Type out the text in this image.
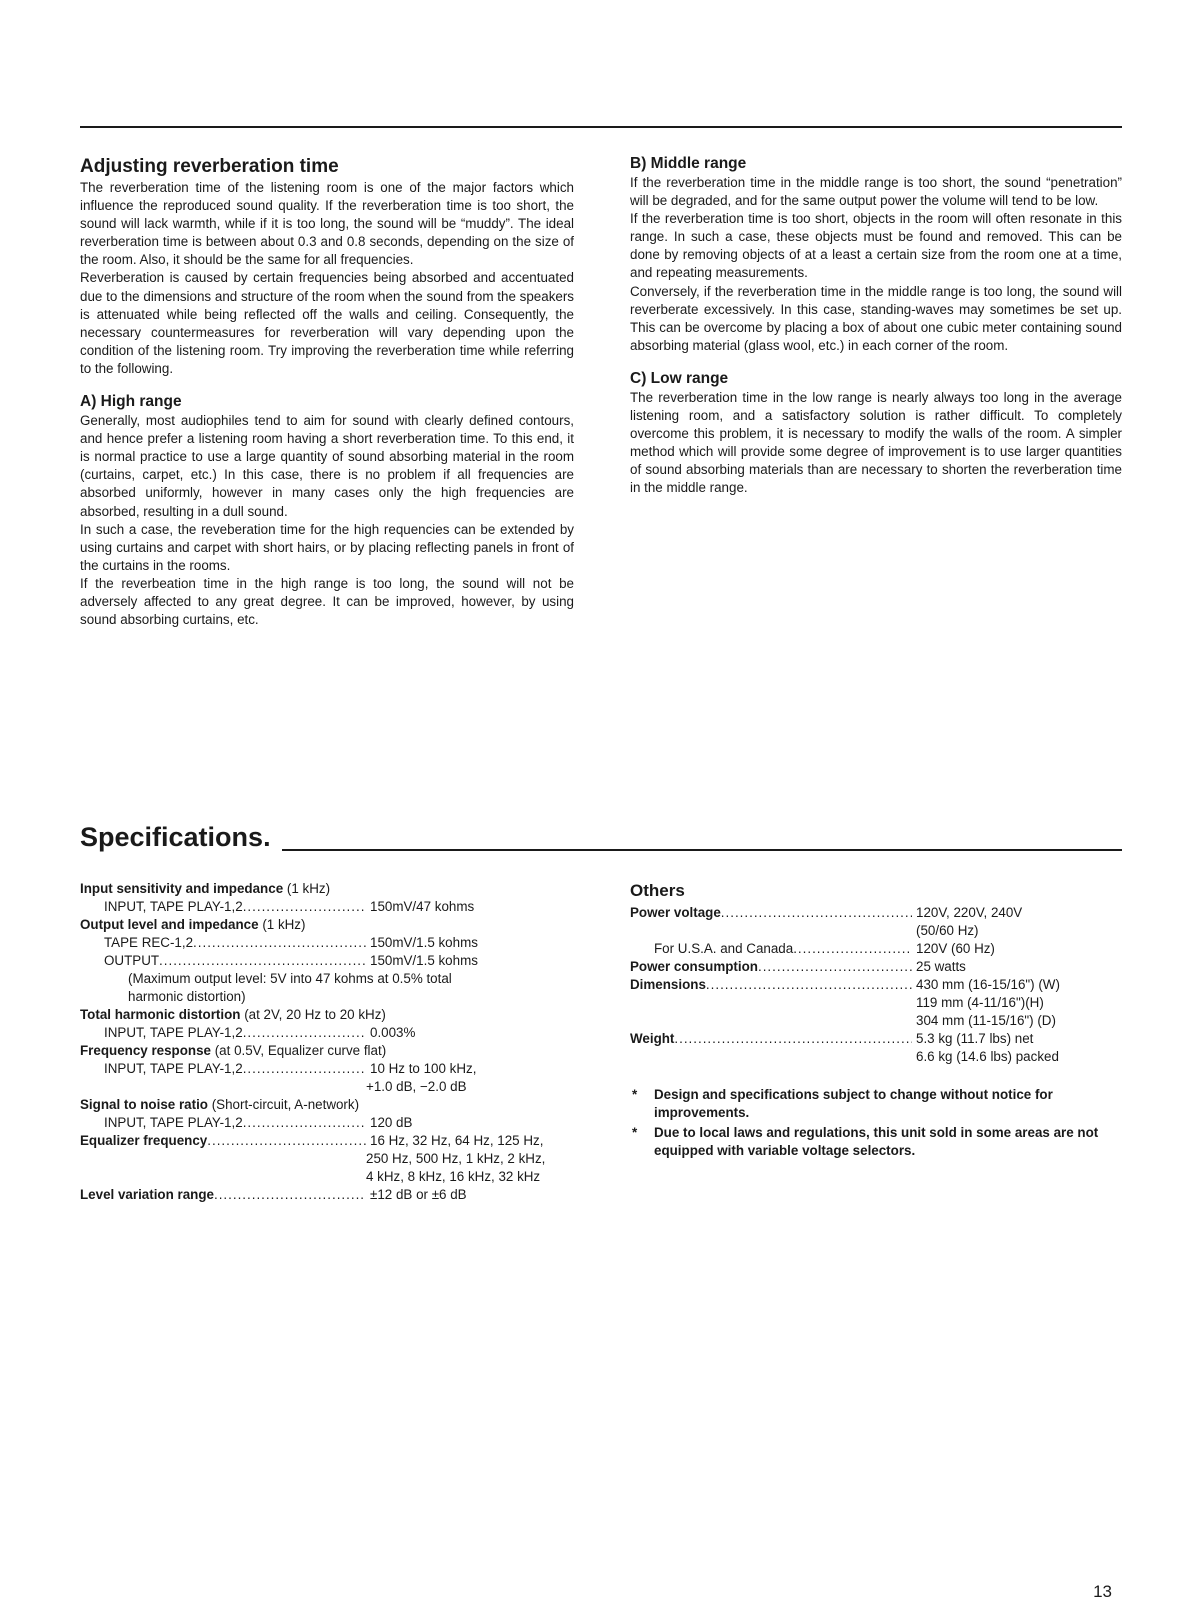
Adjusting reverberation time

The reverberation time of the listening room is one of the major factors which influence the reproduced sound quality. If the reverberation time is too short, the sound will lack warmth, while if it is too long, the sound will be “muddy”. The ideal reverberation time is between about 0.3 and 0.8 seconds, depending on the size of the room. Also, it should be the same for all frequencies.

Reverberation is caused by certain frequencies being absorbed and accentuated due to the dimensions and structure of the room when the sound from the speakers is attenuated while being reflected off the walls and ceiling. Consequently, the necessary countermeasures for reverberation will vary depending upon the condition of the listening room. Try improving the reverberation time while referring to the following.

A) High range

Generally, most audiophiles tend to aim for sound with clearly defined contours, and hence prefer a listening room having a short reverberation time. To this end, it is normal practice to use a large quantity of sound absorbing material in the room (curtains, carpet, etc.) In this case, there is no problem if all frequencies are absorbed uniformly, however in many cases only the high frequencies are absorbed, resulting in a dull sound.

In such a case, the reveberation time for the high requencies can be extended by using curtains and carpet with short hairs, or by placing reflecting panels in front of the curtains in the rooms.

If the reverbeation time in the high range is too long, the sound will not be adversely affected to any great degree. It can be improved, however, by using sound absorbing curtains, etc.

B) Middle range

If the reverberation time in the middle range is too short, the sound “penetration” will be degraded, and for the same output power the volume will tend to be low.

If the reverberation time is too short, objects in the room will often resonate in this range. In such a case, these objects must be found and removed. This can be done by removing objects of at a least a certain size from the room one at a time, and repeating measurements.

Conversely, if the reverberation time in the middle range is too long, the sound will reverberate excessively. In this case, standing-waves may sometimes be set up. This can be overcome by placing a box of about one cubic meter containing sound absorbing material (glass wool, etc.) in each corner of the room.

C) Low range

The reverberation time in the low range is nearly always too long in the average listening room, and a satisfactory solution is rather difficult. To completely overcome this problem, it is necessary to modify the walls of the room. A simpler method which will provide some degree of improvement is to use larger quantities of sound absorbing materials than are necessary to shorten the reverberation time in the middle range.

Specifications.
Input sensitivity and impedance (1 kHz)
INPUT, TAPE PLAY-1,2 .....	150mV/47 kohms
Output level and impedance (1 kHz)
TAPE REC-1,2 .....	150mV/1.5 kohms
OUTPUT .....	150mV/1.5 kohms
(Maximum output level: 5V into 47 kohms at 0.5% total
harmonic distortion)
Total harmonic distortion (at 2V, 20 Hz to 20 kHz)
INPUT, TAPE PLAY-1,2 .....	0.003%
Frequency response (at 0.5V, Equalizer curve flat)
INPUT, TAPE PLAY-1,2 .....	10 Hz to 100 kHz,
+1.0 dB, −2.0 dB
Signal to noise ratio (Short-circuit, A-network)
INPUT, TAPE PLAY-1,2 .....	120 dB
Equalizer frequency .....	16 Hz, 32 Hz, 64 Hz, 125 Hz,
250 Hz, 500 Hz, 1 kHz, 2 kHz,
4 kHz, 8 kHz, 16 kHz, 32 kHz
Level variation range .....	±12 dB or ±6 dB
Others
Power voltage .....	120V, 220V, 240V
(50/60 Hz)
For U.S.A. and Canada .....	120V (60 Hz)
Power consumption .....	25 watts
Dimensions .....	430 mm (16-15/16") (W)
119 mm (4-11/16")(H)
304 mm (11-15/16") (D)
Weight .....	5.3 kg (11.7 lbs) net
6.6 kg (14.6 lbs) packed
*	Design and specifications subject to change without notice for improvements.
*	Due to local laws and regulations, this unit sold in some areas are not equipped with variable voltage selectors.
13
